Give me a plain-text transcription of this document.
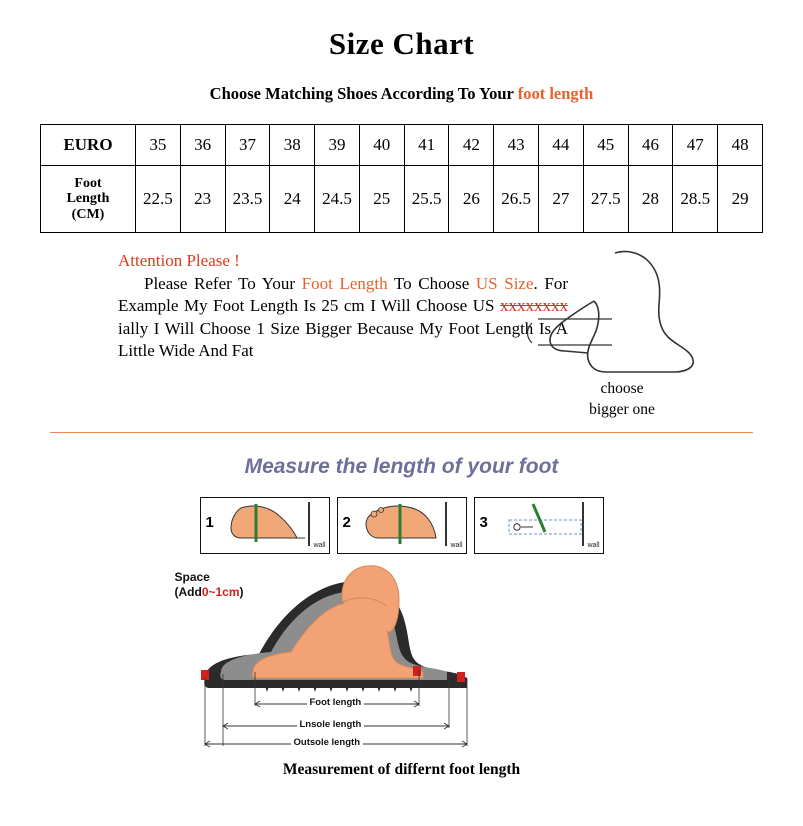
Size Chart
Choose Matching Shoes According To Your foot length
EURO	35	36	37	38	39	40	41	42	43	44	45	46	47	48

Foot
Length
(CM)	22.5	23	23.5	24	24.5	25	25.5	26	26.5	27	27.5	28	28.5	29
Attention Please !
Please Refer To Your Foot Length To Choose US Size. For Example My Foot Length Is 25 cm I Will Choose US xxxxxxxx ially I Will Choose 1 Size Bigger Because My Foot Length Is A Little Wide And Fat
choose
bigger one
Measure the length of your foot
1
wall
2
wall
3
wall
Space
(Add0~1cm)
Foot length
Lnsole length
Outsole length
Measurement of differnt foot length
